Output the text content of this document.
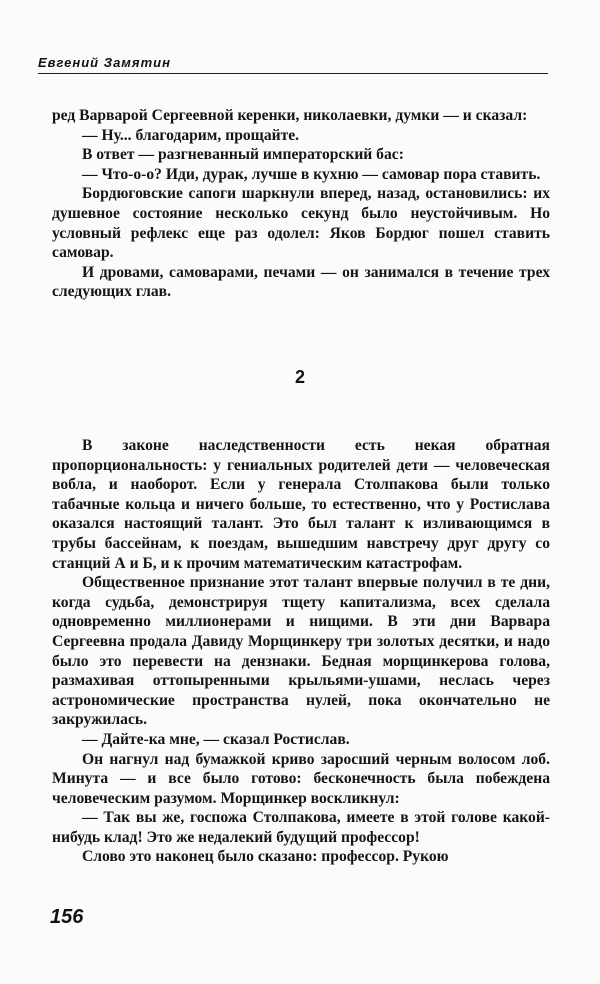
Евгений Замятин

ред Варварой Сергеевной керенки, николаевки, думки — и сказал:

— Ну... благодарим, прощайте.

В ответ — разгневанный императорский бас:

— Что-о-о? Иди, дурак, лучше в кухню — самовар пора ставить.

Бордюговские сапоги шаркнули вперед, назад, остановились: их душевное состояние несколько секунд было неустойчивым. Но условный рефлекс еще раз одолел: Яков Бордюг пошел ставить самовар.

И дровами, самоварами, печами — он занимался в течение трех следующих глав.

2

В законе наследственности есть некая обратная пропорциональность: у гениальных родителей дети — человеческая вобла, и наоборот. Если у генерала Столпакова были только табачные кольца и ничего больше, то естественно, что у Ростислава оказался настоящий талант. Это был талант к изливающимся в трубы бассейнам, к поездам, вышедшим навстречу друг другу со станций А и Б, и к прочим математическим катастрофам.

Общественное признание этот талант впервые получил в те дни, когда судьба, демонстрируя тщету капитализма, всех сделала одновременно миллионерами и нищими. В эти дни Варвара Сергеевна продала Давиду Морщинкеру три золотых десятки, и надо было это перевести на дензнаки. Бедная морщинкерова голова, размахивая оттопыренными крыльями-ушами, неслась через астрономические пространства нулей, пока окончательно не закружилась.

— Дайте-ка мне, — сказал Ростислав.

Он нагнул над бумажкой криво заросший черным волосом лоб. Минута — и все было готово: бесконечность была побеждена человеческим разумом. Морщинкер воскликнул:

— Так вы же, госпожа Столпакова, имеете в этой голове какой-нибудь клад! Это же недалекий будущий профессор!

Слово это наконец было сказано: профессор. Рукою

156
